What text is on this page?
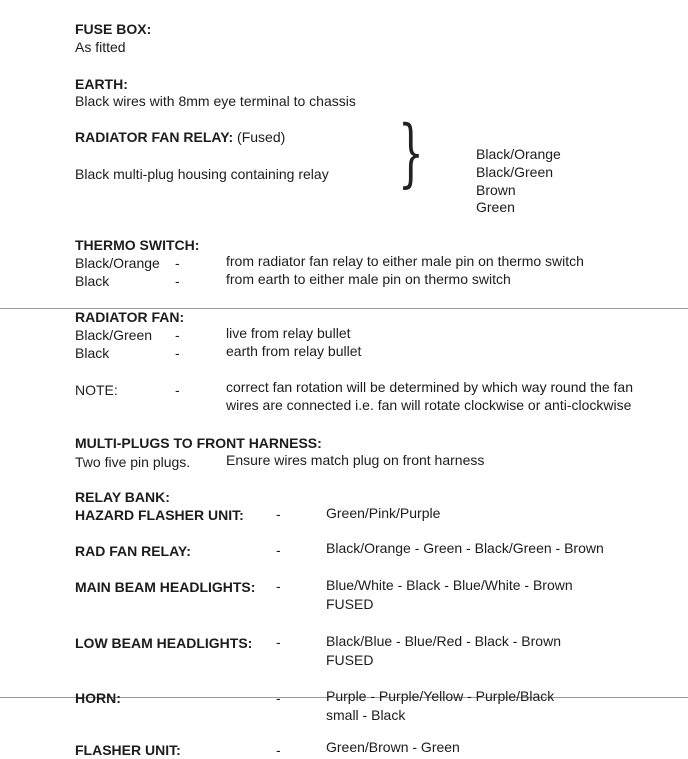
FUSE BOX:
As fitted
EARTH:
Black wires with 8mm eye terminal to chassis
RADIATOR FAN RELAY: (Fused)
Black multi-plug housing containing relay }	Black/Orange
Black/Green
Brown
Green
THERMO SWITCH:
Black/Orange -	from radiator fan relay to either male pin on thermo switch
Black	-	from earth to either male pin on thermo switch
RADIATOR FAN:
Black/Green -	live from relay bullet
Black	-	earth from relay bullet
NOTE:	-	correct fan rotation will be determined by which way round the fan
wires are connected i.e. fan will rotate clockwise or anti-clockwise
MULTI-PLUGS TO FRONT HARNESS:
Two five pin plugs.	Ensure wires match plug on front harness
RELAY BANK:
HAZARD FLASHER UNIT: -	Green/Pink/Purple
RAD FAN RELAY:	-	Black/Orange - Green - Black/Green - Brown
MAIN BEAM HEADLIGHTS: -	Blue/White - Black - Blue/White - Brown
FUSED
LOW BEAM HEADLIGHTS: -	Black/Blue - Blue/Red - Black - Brown
FUSED
HORN:	-	Purple - Purple/Yellow - Purple/Black
small - Black
FLASHER UNIT:	-	Green/Brown - Green
